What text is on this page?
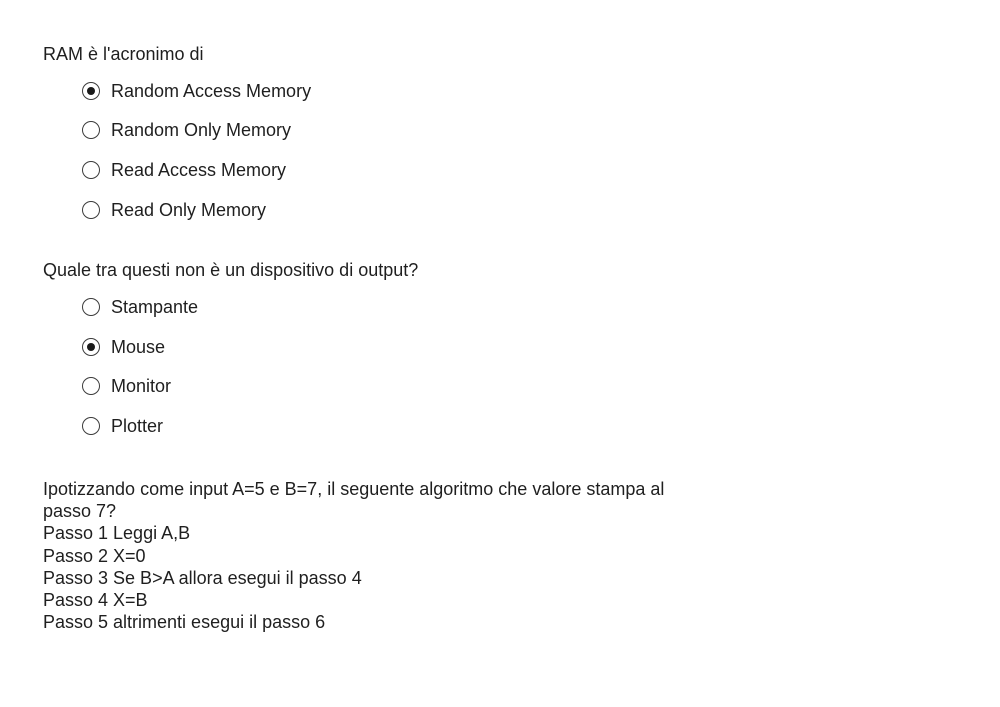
RAM è l'acronimo di
Random Access Memory
Random Only Memory
Read Access Memory
Read Only Memory
Quale tra questi non è un dispositivo di output?
Stampante
Mouse
Monitor
Plotter
Ipotizzando come input A=5 e B=7, il seguente algoritmo che valore stampa al
passo 7?
Passo 1 Leggi A,B
Passo 2 X=0
Passo 3 Se B>A allora esegui il passo 4
Passo 4 X=B
Passo 5 altrimenti esegui il passo 6
